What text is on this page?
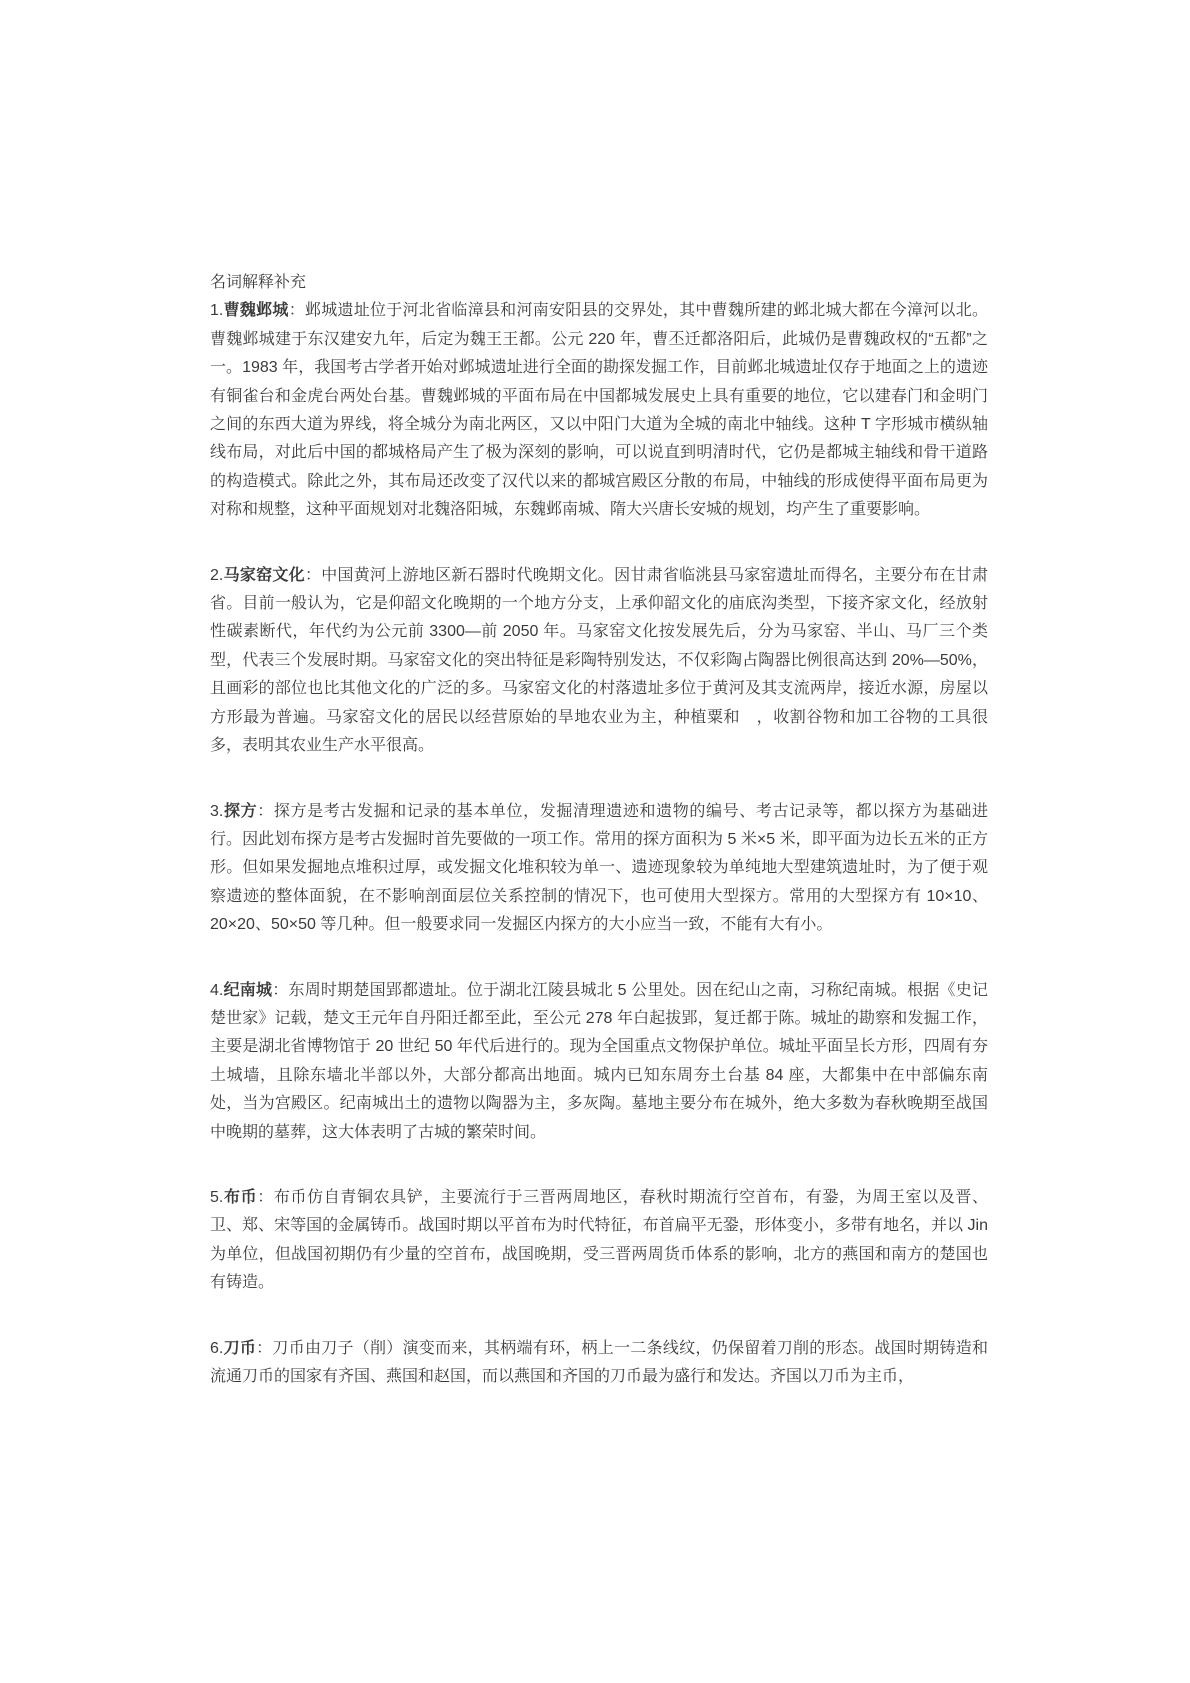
名词解释补充

1.曹魏邺城：邺城遗址位于河北省临漳县和河南安阳县的交界处，其中曹魏所建的邺北城大都在今漳河以北。曹魏邺城建于东汉建安九年，后定为魏王王都。公元 220 年，曹丕迁都洛阳后，此城仍是曹魏政权的“五都”之一。1983 年，我国考古学者开始对邺城遗址进行全面的勘探发掘工作，目前邺北城遗址仅存于地面之上的遗迹有铜雀台和金虎台两处台基。曹魏邺城的平面布局在中国都城发展史上具有重要的地位，它以建春门和金明门之间的东西大道为界线，将全城分为南北两区，又以中阳门大道为全城的南北中轴线。这种 T 字形城市横纵轴线布局，对此后中国的都城格局产生了极为深刻的影响，可以说直到明清时代，它仍是都城主轴线和骨干道路的构造模式。除此之外，其布局还改变了汉代以来的都城宫殿区分散的布局，中轴线的形成使得平面布局更为对称和规整，这种平面规划对北魏洛阳城，东魏邺南城、隋大兴唐长安城的规划，均产生了重要影响。

2.马家窑文化：中国黄河上游地区新石器时代晚期文化。因甘肃省临洮县马家窑遗址而得名，主要分布在甘肃省。目前一般认为，它是仰韶文化晚期的一个地方分支，上承仰韶文化的庙底沟类型，下接齐家文化，经放射性碳素断代，年代约为公元前 3300—前 2050 年。马家窑文化按发展先后，分为马家窑、半山、马厂三个类型，代表三个发展时期。马家窑文化的突出特征是彩陶特别发达，不仅彩陶占陶器比例很高达到 20%—50%，且画彩的部位也比其他文化的广泛的多。马家窑文化的村落遗址多位于黄河及其支流两岸，接近水源，房屋以方形最为普遍。马家窑文化的居民以经营原始的旱地农业为主，种植粟和　，收割谷物和加工谷物的工具很多，表明其农业生产水平很高。

3.探方：探方是考古发掘和记录的基本单位，发掘清理遗迹和遗物的编号、考古记录等，都以探方为基础进行。因此划布探方是考古发掘时首先要做的一项工作。常用的探方面积为 5 米×5 米，即平面为边长五米的正方形。但如果发掘地点堆积过厚，或发掘文化堆积较为单一、遗迹现象较为单纯地大型建筑遗址时，为了便于观察遗迹的整体面貌，在不影响剖面层位关系控制的情况下，也可使用大型探方。常用的大型探方有 10×10、20×20、50×50 等几种。但一般要求同一发掘区内探方的大小应当一致，不能有大有小。

4.纪南城：东周时期楚国郢都遗址。位于湖北江陵县城北 5 公里处。因在纪山之南，习称纪南城。根据《史记 楚世家》记载，楚文王元年自丹阳迁都至此，至公元 278 年白起拔郢，复迁都于陈。城址的勘察和发掘工作，主要是湖北省博物馆于 20 世纪 50 年代后进行的。现为全国重点文物保护单位。城址平面呈长方形，四周有夯土城墙，且除东墙北半部以外，大部分都高出地面。城内已知东周夯土台基 84 座，大都集中在中部偏东南处，当为宫殿区。纪南城出土的遗物以陶器为主，多灰陶。墓地主要分布在城外，绝大多数为春秋晚期至战国中晚期的墓葬，这大体表明了古城的繁荣时间。

5.布币：布币仿自青铜农具铲，主要流行于三晋两周地区，春秋时期流行空首布，有銎，为周王室以及晋、卫、郑、宋等国的金属铸币。战国时期以平首布为时代特征，布首扁平无銎，形体变小，多带有地名，并以 Jin 为单位，但战国初期仍有少量的空首布，战国晚期，受三晋两周货币体系的影响，北方的燕国和南方的楚国也有铸造。

6.刀币：刀币由刀子（削）演变而来，其柄端有环，柄上一二条线纹，仍保留着刀削的形态。战国时期铸造和流通刀币的国家有齐国、燕国和赵国，而以燕国和齐国的刀币最为盛行和发达。齐国以刀币为主币，
